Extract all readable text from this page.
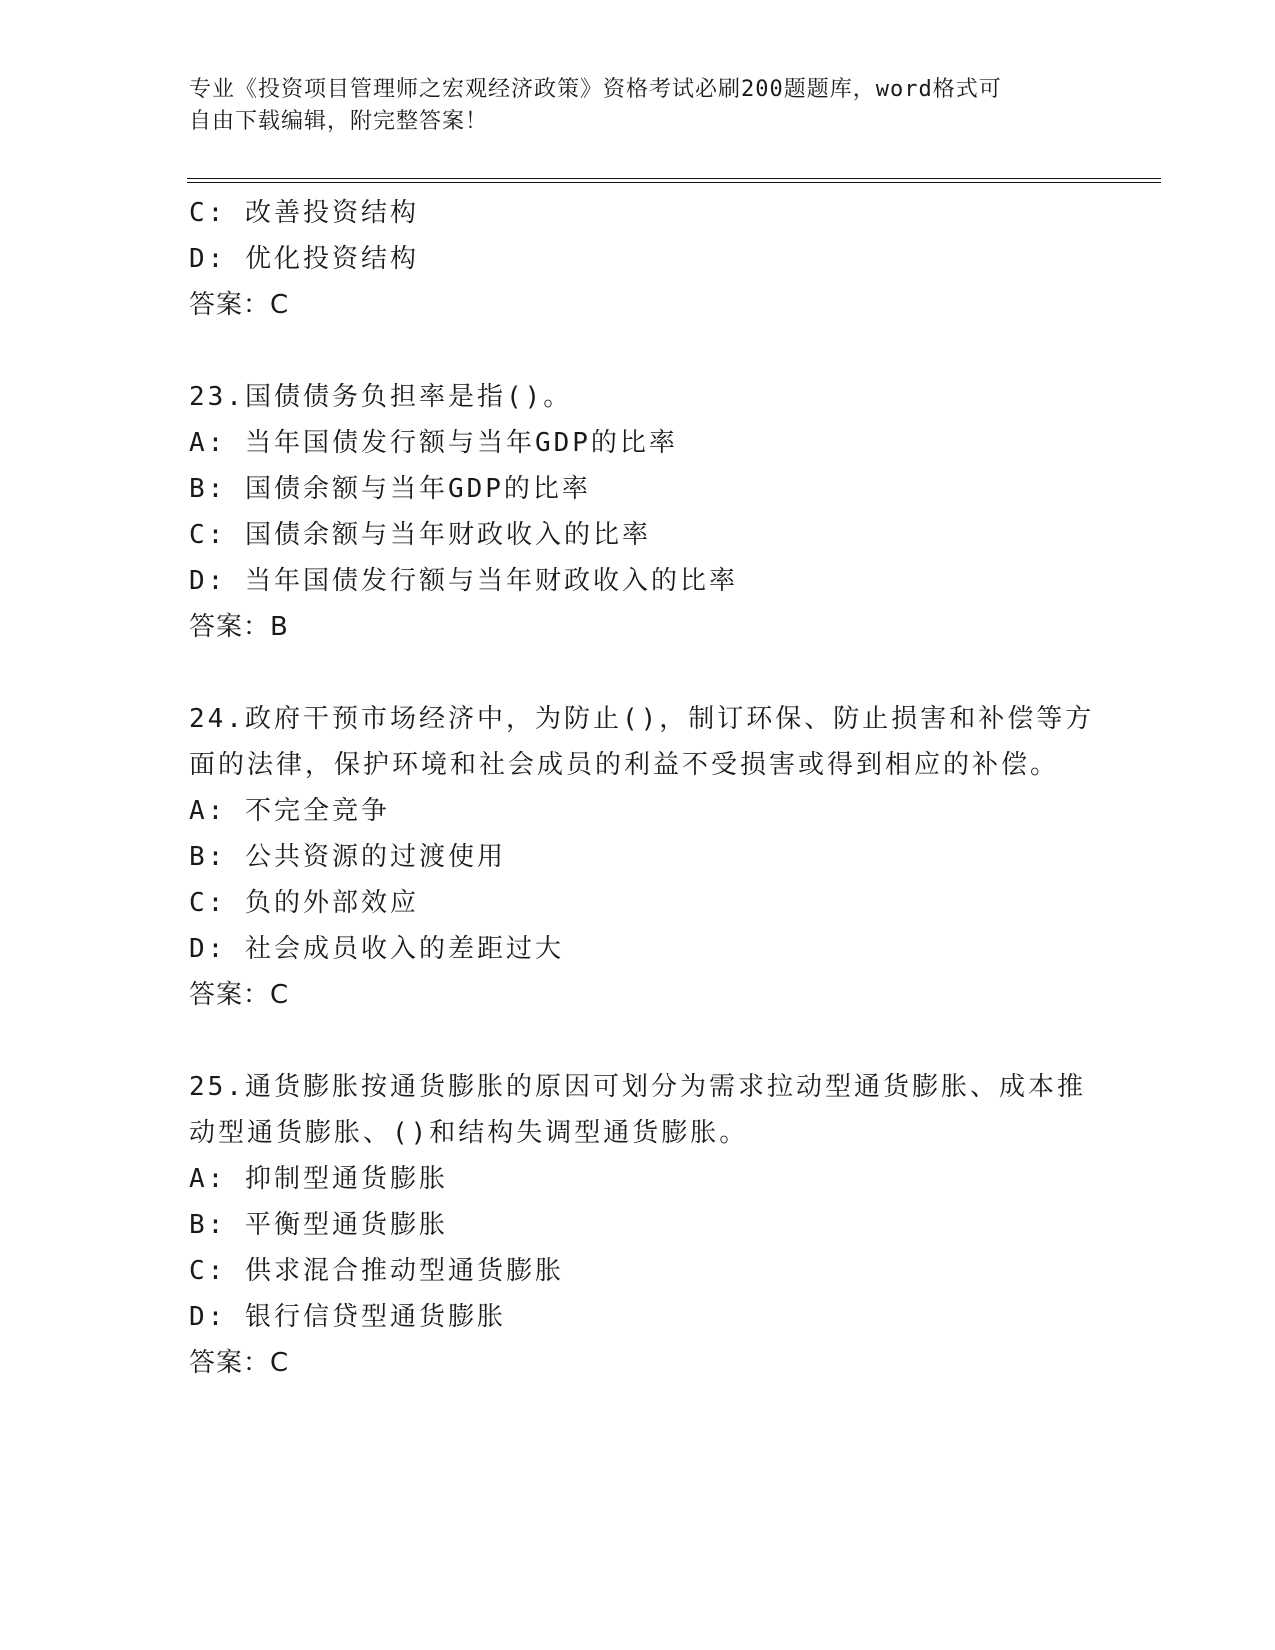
专业《投资项目管理师之宏观经济政策》资格考试必刷200题题库，word格式可
自由下载编辑，附完整答案！
C: 改善投资结构
D: 优化投资结构
答案：C
23.国债债务负担率是指()。
A: 当年国债发行额与当年GDP的比率
B: 国债余额与当年GDP的比率
C: 国债余额与当年财政收入的比率
D: 当年国债发行额与当年财政收入的比率
答案：B
24.政府干预市场经济中，为防止()，制订环保、防止损害和补偿等方
面的法律，保护环境和社会成员的利益不受损害或得到相应的补偿。
A: 不完全竞争
B: 公共资源的过渡使用
C: 负的外部效应
D: 社会成员收入的差距过大
答案：C
25.通货膨胀按通货膨胀的原因可划分为需求拉动型通货膨胀、成本推
动型通货膨胀、()和结构失调型通货膨胀。
A: 抑制型通货膨胀
B: 平衡型通货膨胀
C: 供求混合推动型通货膨胀
D: 银行信贷型通货膨胀
答案：C
